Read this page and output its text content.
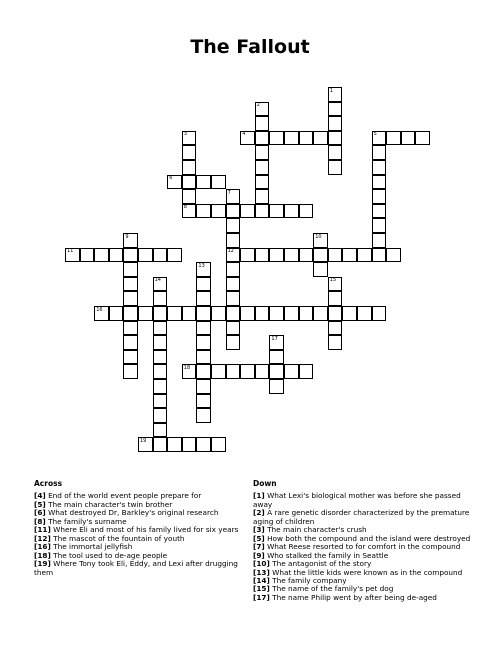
The Fallout
1
2
3	4	5
6
7
8
9	10
11	12
13
14	15
16
17
18
19
Across

[4] End of the world event people prepare for

[5] The main character's twin brother

[6] What destroyed Dr, Barkley's original research

[8] The family's surname

[11] Where Eli and most of his family lived for six years

[12] The mascot of the fountain of youth

[16] The immortal jellyfish

[18] The tool used to de-age people

[19] Where Tony took Eli, Eddy, and Lexi after drugging them

Down

[1] What Lexi's biological mother was before she passed away

[2] A rare genetic disorder characterized by the premature aging of children

[3] The main character's crush

[5] How both the compound and the island were destroyed

[7] What Reese resorted to for comfort in the compound

[9] Who stalked the family in Seattle

[10] The antagonist of the story

[13] What the little kids were known as in the compound

[14] The family company

[15] The name of the family's pet dog

[17] The name Philip went by after being de-aged
